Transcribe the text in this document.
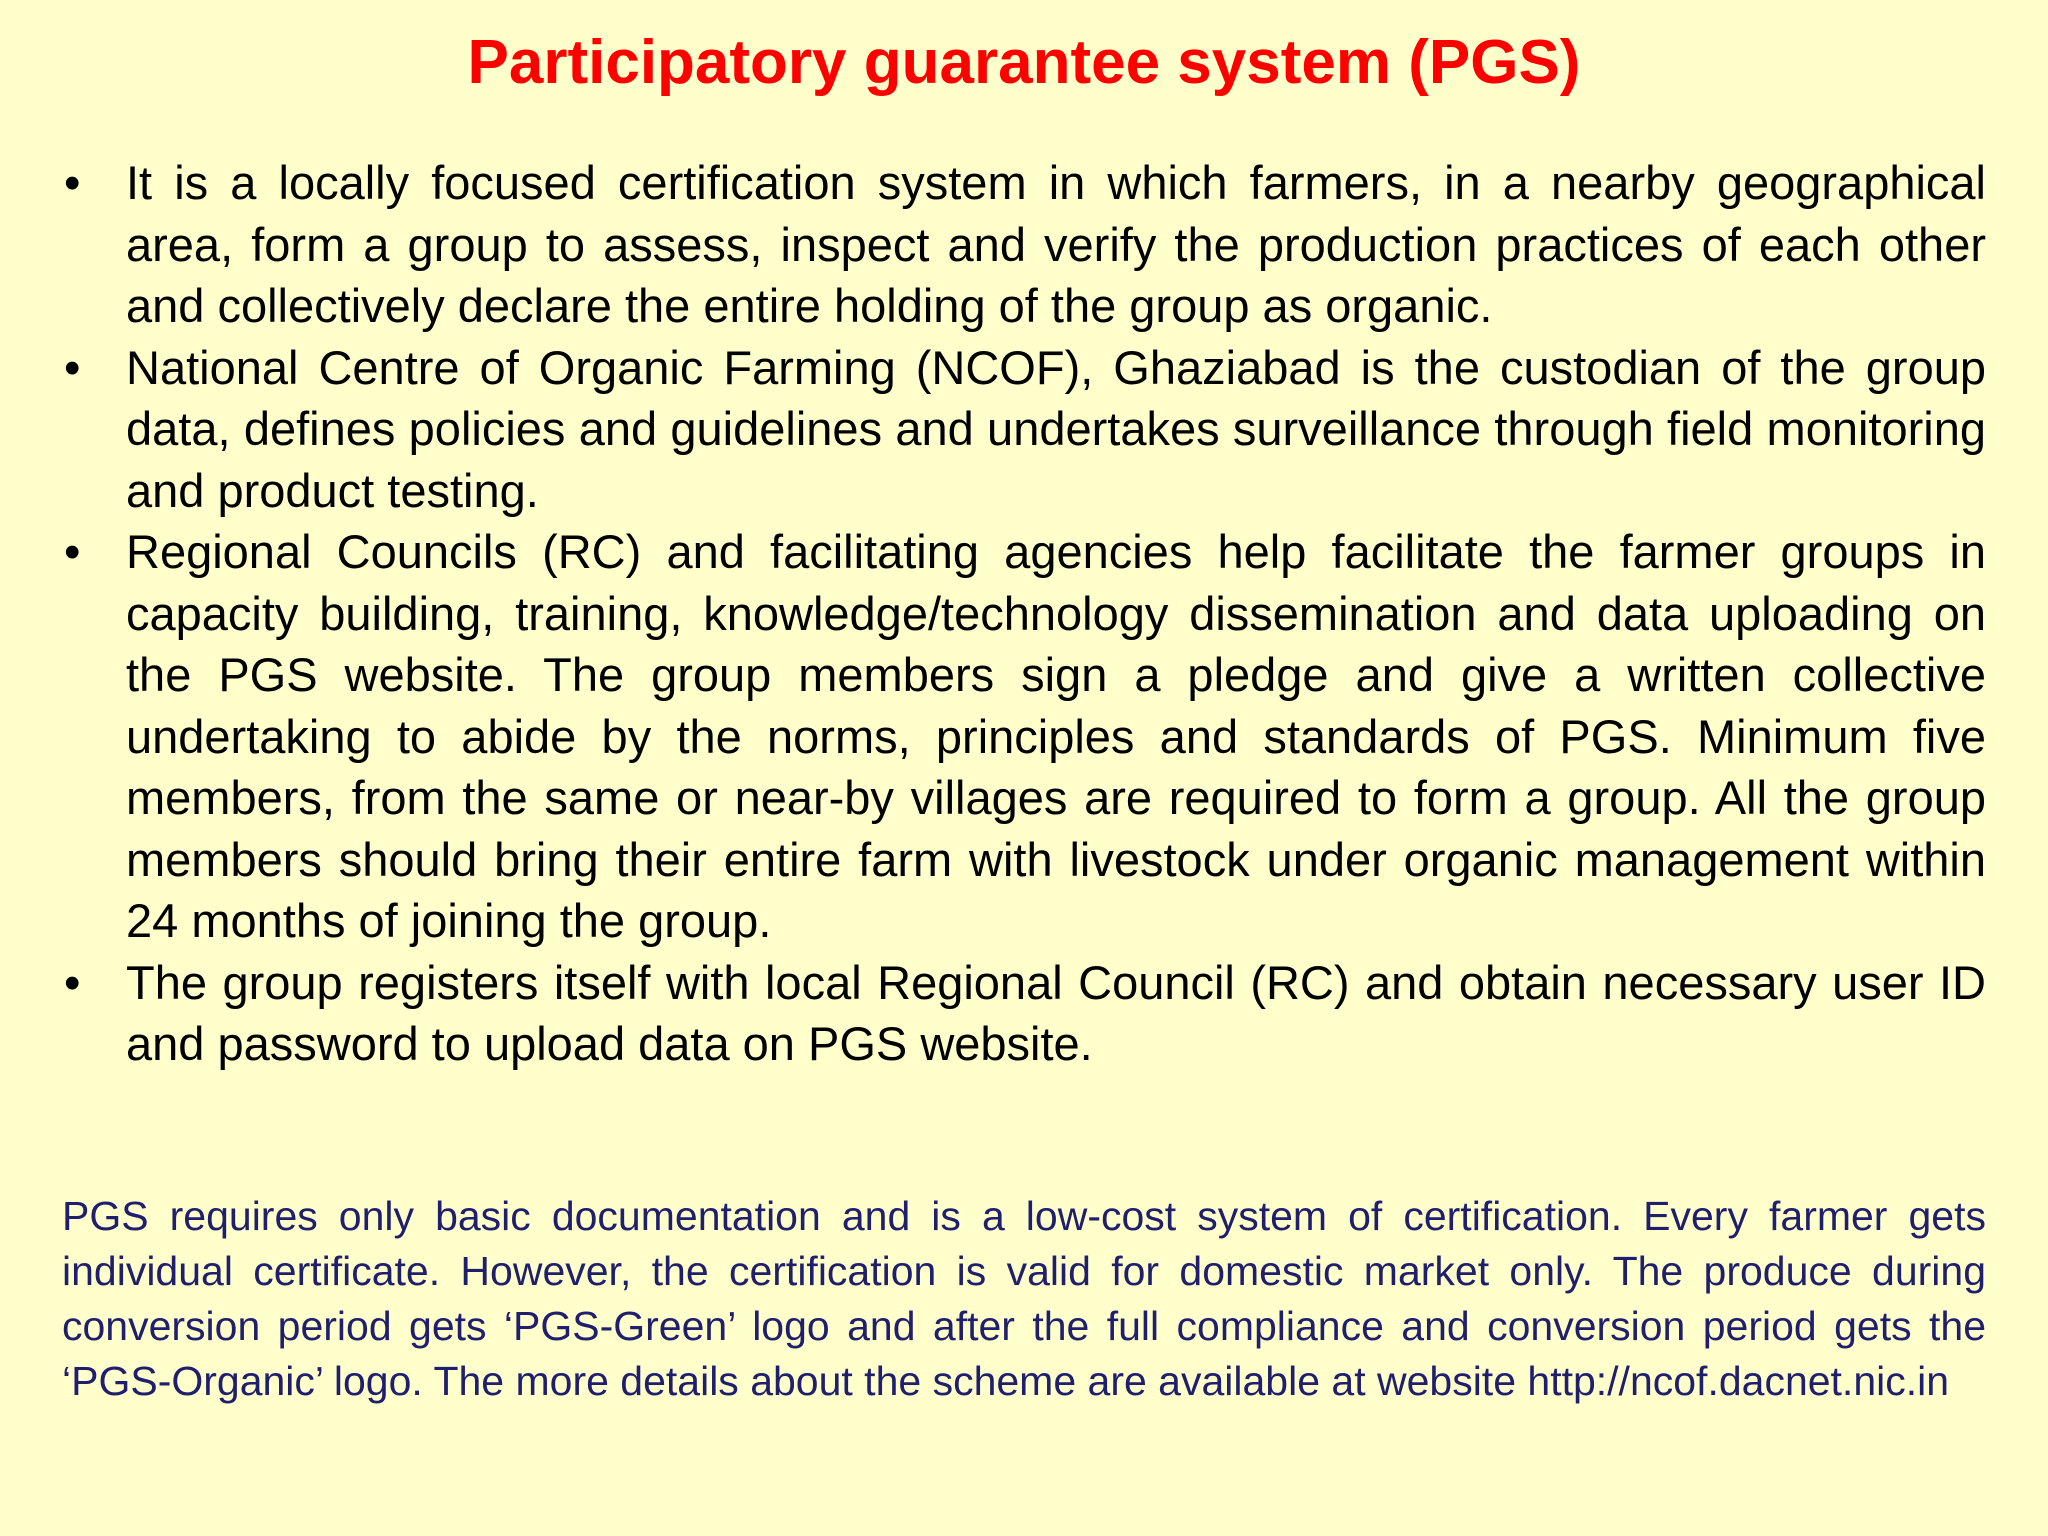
Participatory guarantee system (PGS)
• It is a locally focused certification system in which farmers, in a nearby geographical area, form a group to assess, inspect and verify the production practices of each other and collectively declare the entire holding of the group as organic.
• National Centre of Organic Farming (NCOF), Ghaziabad is the custodian of the group data, defines policies and guidelines and undertakes surveillance through field monitoring and product testing.
• Regional Councils (RC) and facilitating agencies help facilitate the farmer groups in capacity building, training, knowledge/technology dissemination and data uploading on the PGS website. The group members sign a pledge and give a written collective undertaking to abide by the norms, principles and standards of PGS. Minimum five members, from the same or near-by villages are required to form a group. All the group members should bring their entire farm with livestock under organic management within 24 months of joining the group.
• The group registers itself with local Regional Council (RC) and obtain necessary user ID and password to upload data on PGS website.

PGS requires only basic documentation and is a low-cost system of certification. Every farmer gets individual certificate. However, the certification is valid for domestic market only. The produce during conversion period gets ‘PGS-Green’ logo and after the full compliance and conversion period gets the ‘PGS-Organic’ logo. The more details about the scheme are available at website http://ncof.dacnet.nic.in
